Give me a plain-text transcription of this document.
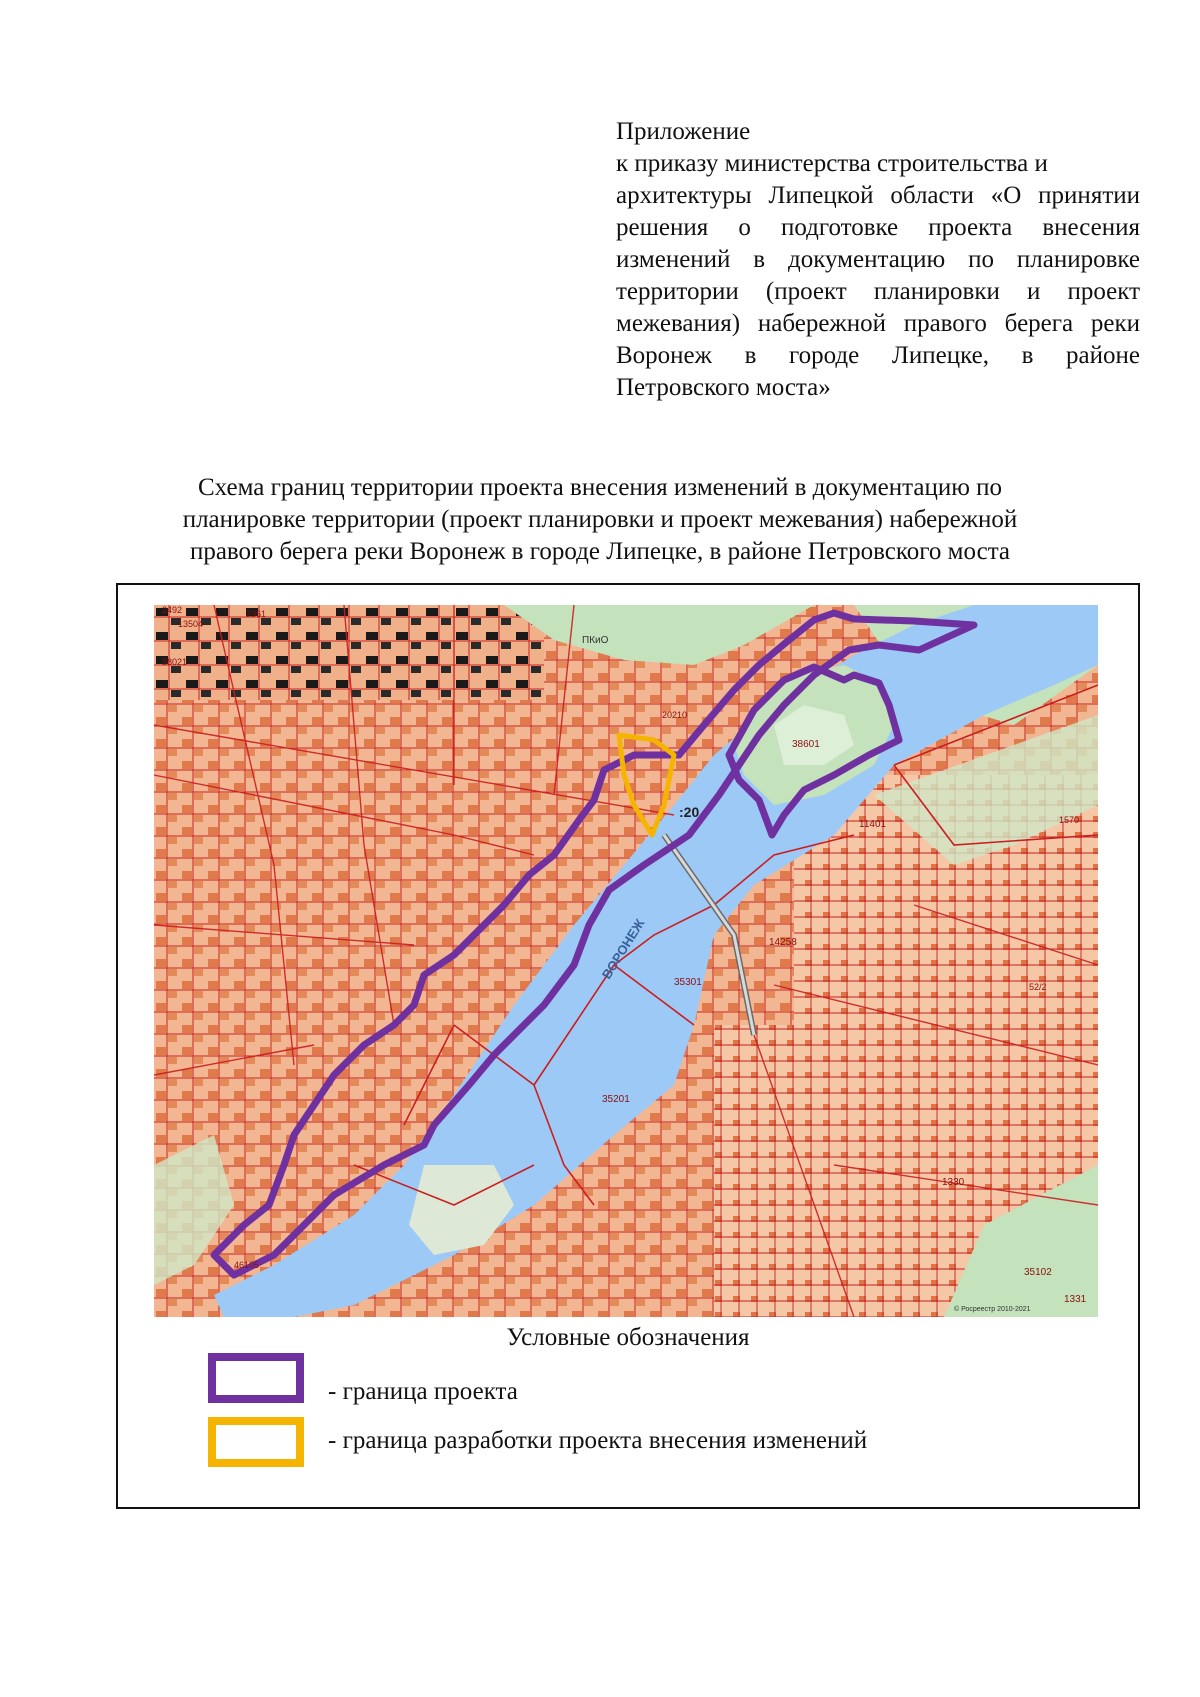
Приложение
к приказу министерства строительства и
архитектуры Липецкой области «О принятии решения о подготовке проекта внесения изменений в документацию по планировке территории (проект планировки и проект межевания) набережной правого берега реки Воронеж в городе Липецке, в районе Петровского моста»
Схема границ территории проекта внесения изменений в документацию по
планировке территории (проект планировки и проект межевания) набережной
правого берега реки Воронеж в городе Липецке, в районе Петровского моста
ВОРОНЕЖ
35301
35201
38601
35102
1330
14258
11401
1331
46105
20210
13504
2361
2492
38021
ПКиО
1570
52/2
:20
© Росреестр 2010-2021
Условные обозначения
- граница проекта
- граница разработки проекта внесения изменений
